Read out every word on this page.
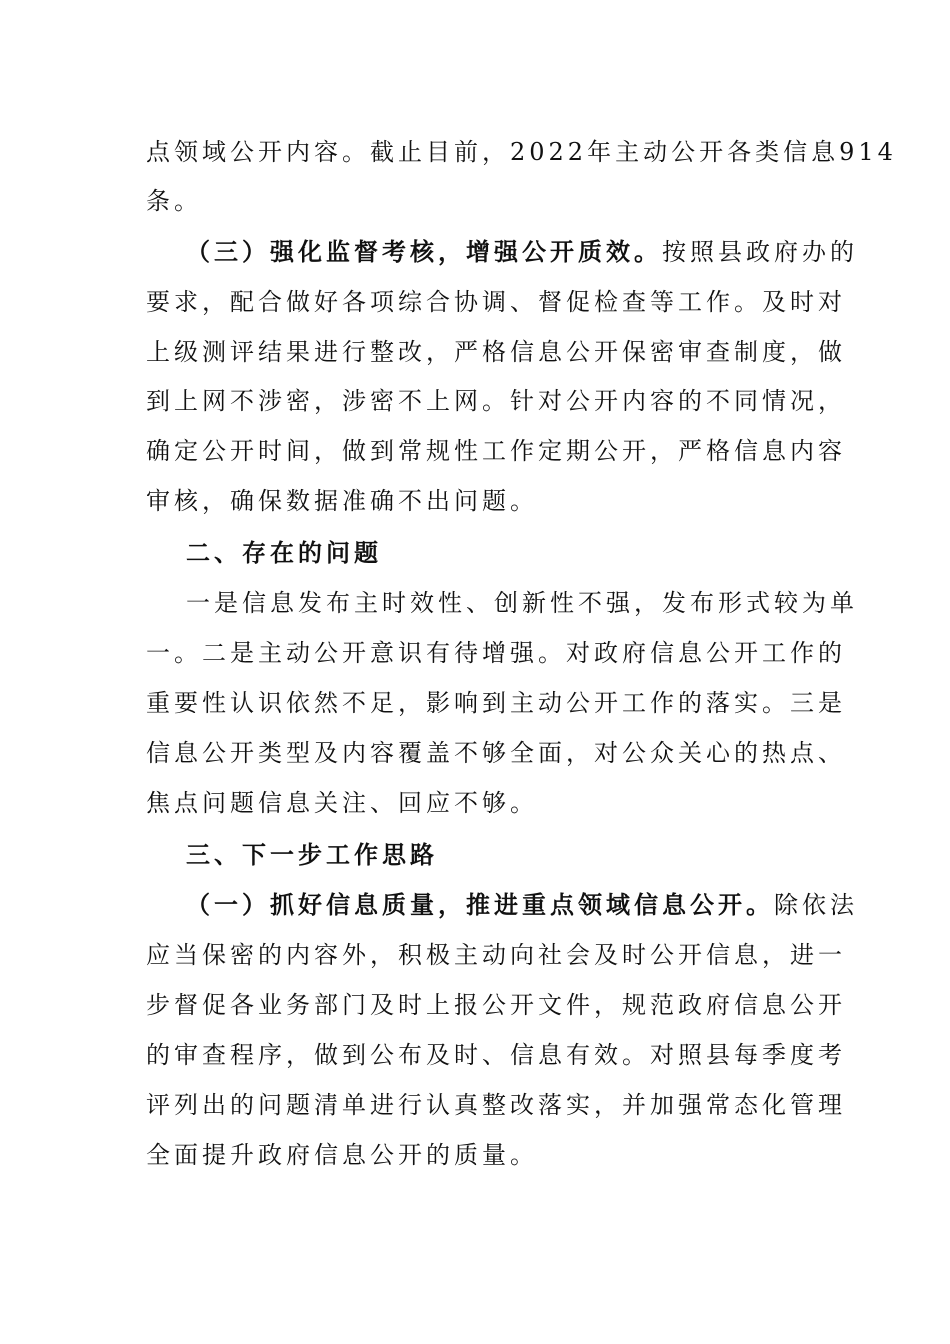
点领域公开内容。截止目前，2022年主动公开各类信息914
条。
（三）强化监督考核，增强公开质效。按照县政府办的
要求，配合做好各项综合协调、督促检查等工作。及时对
上级测评结果进行整改，严格信息公开保密审查制度，做
到上网不涉密，涉密不上网。针对公开内容的不同情况，
确定公开时间，做到常规性工作定期公开，严格信息内容
审核，确保数据准确不出问题。
二、存在的问题
一是信息发布主时效性、创新性不强，发布形式较为单
一。二是主动公开意识有待增强。对政府信息公开工作的
重要性认识依然不足，影响到主动公开工作的落实。三是
信息公开类型及内容覆盖不够全面，对公众关心的热点、
焦点问题信息关注、回应不够。
三、下一步工作思路
（一）抓好信息质量，推进重点领域信息公开。除依法
应当保密的内容外，积极主动向社会及时公开信息，进一
步督促各业务部门及时上报公开文件，规范政府信息公开
的审查程序，做到公布及时、信息有效。对照县每季度考
评列出的问题清单进行认真整改落实，并加强常态化管理
全面提升政府信息公开的质量。
